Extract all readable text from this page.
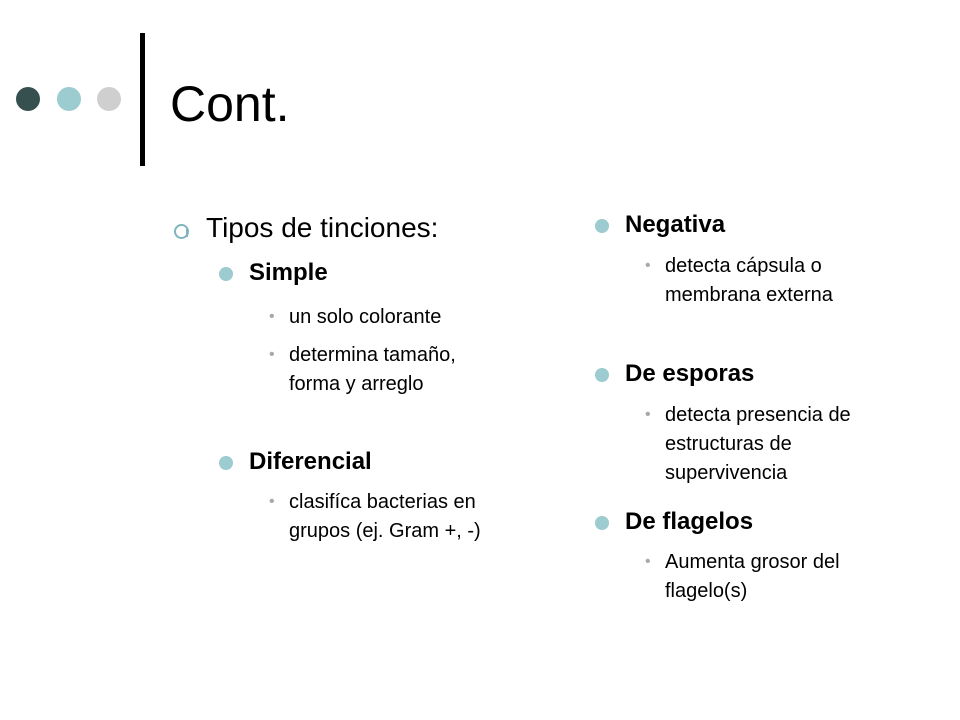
Cont.
Tipos de tinciones:
Simple
• un solo colorante
• determina tamaño, forma y arreglo
Diferencial
• clasifíca bacterias en grupos (ej. Gram +, -)
Negativa
• detecta cápsula o membrana externa
De esporas
• detecta presencia de estructuras de supervivencia
De flagelos
• Aumenta grosor del flagelo(s)
